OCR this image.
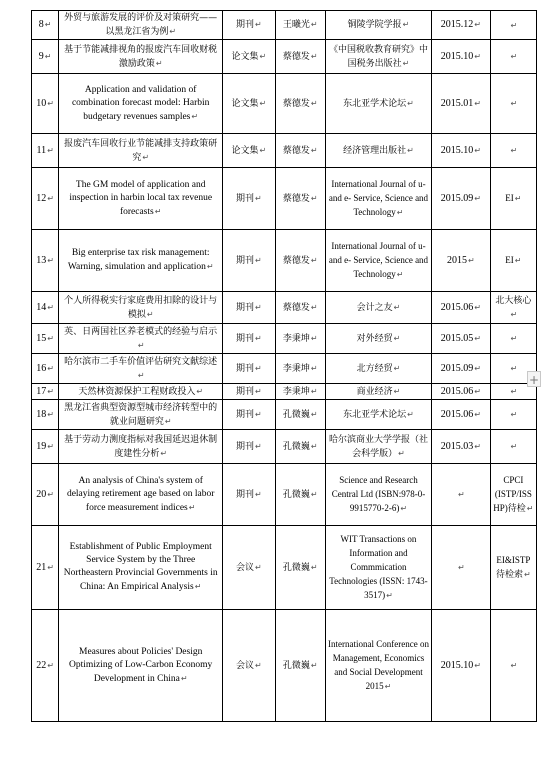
8↵	外贸与旅游发展的评价及对策研究——以黑龙江省为例↵	期刊↵	王曦光↵	铜陵学院学报↵	2015.12↵	↵
9↵	基于节能减排视角的报废汽车回收财税激励政策↵	论文集↵	蔡德发↵	《中国税收教育研究》中国税务出版社↵	2015.10↵	↵
10↵	Application and validation of combination forecast model: Harbin budgetary revenues samples↵	论文集↵	蔡德发↵	东北亚学术论坛↵	2015.01↵	↵
11↵	报废汽车回收行业节能减排支持政策研究↵	论文集↵	蔡德发↵	经济管理出版社↵	2015.10↵	↵
12↵	The GM model of application and inspection in harbin local tax revenue forecasts↵	期刊↵	蔡德发↵	International Journal of u- and e- Service, Science and Technology↵	2015.09↵	EI↵
13↵	Big enterprise tax risk management: Warning, simulation and application↵	期刊↵	蔡德发↵	International Journal of u- and e- Service, Science and Technology↵	2015↵	EI↵
14↵	个人所得税实行家庭费用扣除的设计与模拟↵	期刊↵	蔡德发↵	会计之友↵	2015.06↵	北大核心↵
15↵	英、日两国社区养老模式的经验与启示↵	期刊↵	李秉坤↵	对外经贸↵	2015.05↵	↵
16↵	哈尔滨市二手车价值评估研究文献综述↵	期刊↵	李秉坤↵	北方经贸↵	2015.09↵	↵
17↵	天然林资源保护工程财政投入↵	期刊↵	李秉坤↵	商业经济↵	2015.06↵	↵
18↵	黑龙江省典型资源型城市经济转型中的就业问题研究↵	期刊↵	孔微巍↵	东北亚学术论坛↵	2015.06↵	↵
19↵	基于劳动力测度指标对我国延迟退休制度建性分析↵	期刊↵	孔微巍↵	哈尔滨商业大学学报（社会科学版）↵	2015.03↵	↵
20↵	An analysis of China's system of delaying retirement age based on labor force measurement indices↵	期刊↵	孔微巍↵	Science and Research Central Ltd (ISBN:978-0-9915770-2-6)↵	↵	CPCI (ISTP/ISSHP)待检↵
21↵	Establishment of Public Employment Service System by the Three Northeastern Provincial Governments in China: An Empirical Analysis↵	会议↵	孔微巍↵	WIT Transactions on Information and Commmication Technologies (ISSN: 1743-3517)↵	↵	EI&ISTP待检索↵
22↵	Measures about Policies' Design Optimizing of Low-Carbon Economy Development in China↵	会议↵	孔微巍↵	International Conference on Management, Economics and Social Development 2015↵	2015.10↵	↵
+
